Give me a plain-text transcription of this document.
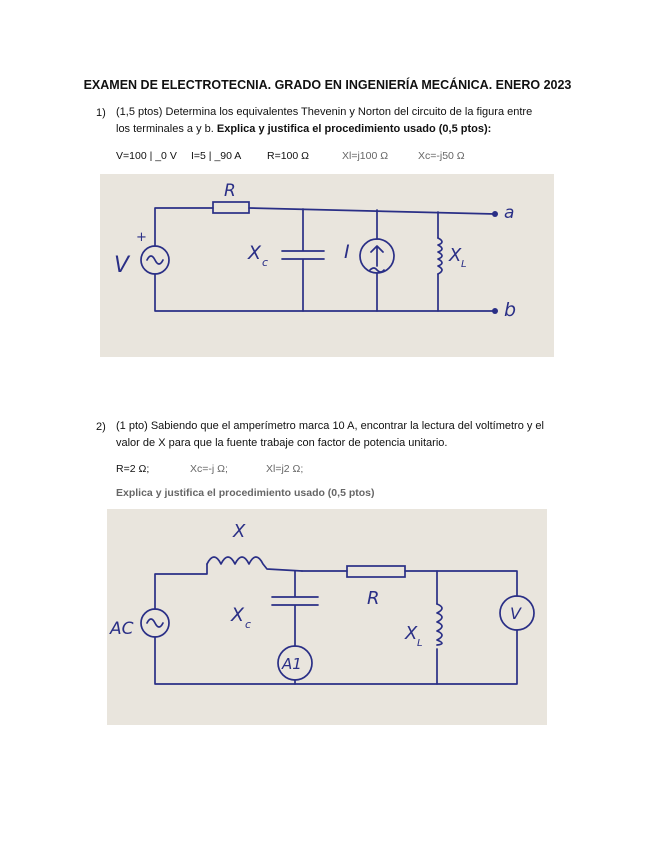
EXAMEN DE ELECTROTECNIA. GRADO EN INGENIERÍA MECÁNICA. ENERO 2023
1) (1,5 ptos) Determina los equivalentes Thevenin y Norton del circuito de la figura entre
los terminales a y b. Explica y justifica el procedimiento usado (0,5 ptos):
V=100 | _0 V I=5 | _90 A R=100 Ω	Xl=j100 Ω	Xc=-j50 Ω
R
V
+
X c	I	X L
a
b
2) (1 pto) Sabiendo que el amperímetro marca 10 A, encontrar la lectura del voltímetro y el
valor de X para que la fuente trabaje con factor de potencia unitario.
R=2 Ω;	Xc=-j Ω;	Xl=j2 Ω;
Explica y justifica el procedimiento usado (0,5 ptos)
X
X c
R
AC
A1
X L
V
